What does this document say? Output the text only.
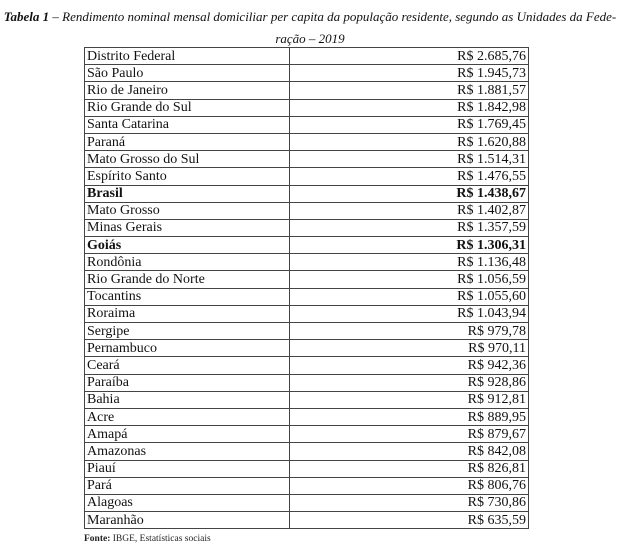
Tabela 1 – Rendimento nominal mensal domiciliar per capita da população residente, segundo as Unidades da Fede-
ração – 2019
Distrito Federal	R$ 2.685,76
São Paulo	R$ 1.945,73
Rio de Janeiro	R$ 1.881,57
Rio Grande do Sul	R$ 1.842,98
Santa Catarina	R$ 1.769,45
Paraná	R$ 1.620,88
Mato Grosso do Sul	R$ 1.514,31
Espírito Santo	R$ 1.476,55
Brasil	R$ 1.438,67
Mato Grosso	R$ 1.402,87
Minas Gerais	R$ 1.357,59
Goiás	R$ 1.306,31
Rondônia	R$ 1.136,48
Rio Grande do Norte	R$ 1.056,59
Tocantins	R$ 1.055,60
Roraima	R$ 1.043,94
Sergipe	R$ 979,78
Pernambuco	R$ 970,11
Ceará	R$ 942,36
Paraíba	R$ 928,86
Bahia	R$ 912,81
Acre	R$ 889,95
Amapá	R$ 879,67
Amazonas	R$ 842,08
Piauí	R$ 826,81
Pará	R$ 806,76
Alagoas	R$ 730,86
Maranhão	R$ 635,59
Fonte: IBGE, Estatísticas sociais
